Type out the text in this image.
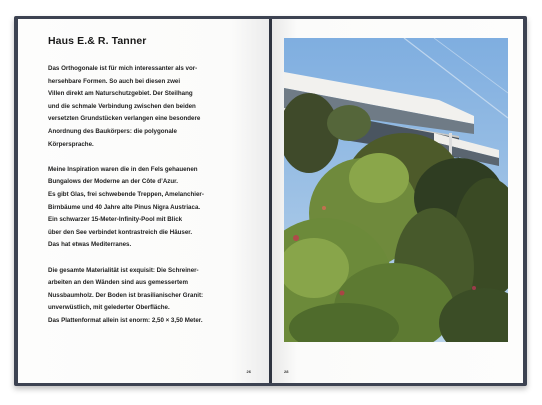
Haus E.& R. Tanner
Das Orthogonale ist für mich interessanter als vor-
hersehbare Formen. So auch bei diesen zwei
Villen direkt am Naturschutzgebiet. Der Steilhang
und die schmale Verbindung zwischen den beiden
versetzten Grundstücken verlangen eine besondere
Anordnung des Baukörpers: die polygonale
Körpersprache.
Meine Inspiration waren die in den Fels gehauenen
Bungalows der Moderne an der Côte d’Azur.
Es gibt Glas, frei schwebende Treppen, Amelanchier-
Birnbäume und 40 Jahre alte Pinus Nigra Austriaca.
Ein schwarzer 15-Meter-Infinity-Pool mit Blick
über den See verbindet kontrastreich die Häuser.
Das hat etwas Mediterranes.
Die gesamte Materialität ist exquisit: Die Schreiner-
arbeiten an den Wänden sind aus gemessertem
Nussbaumholz. Der Boden ist brasilianischer Granit:
unverwüstlich, mit gelederter Oberfläche.
Das Plattenformat allein ist enorm: 2,50 × 3,50 Meter.
26	28
